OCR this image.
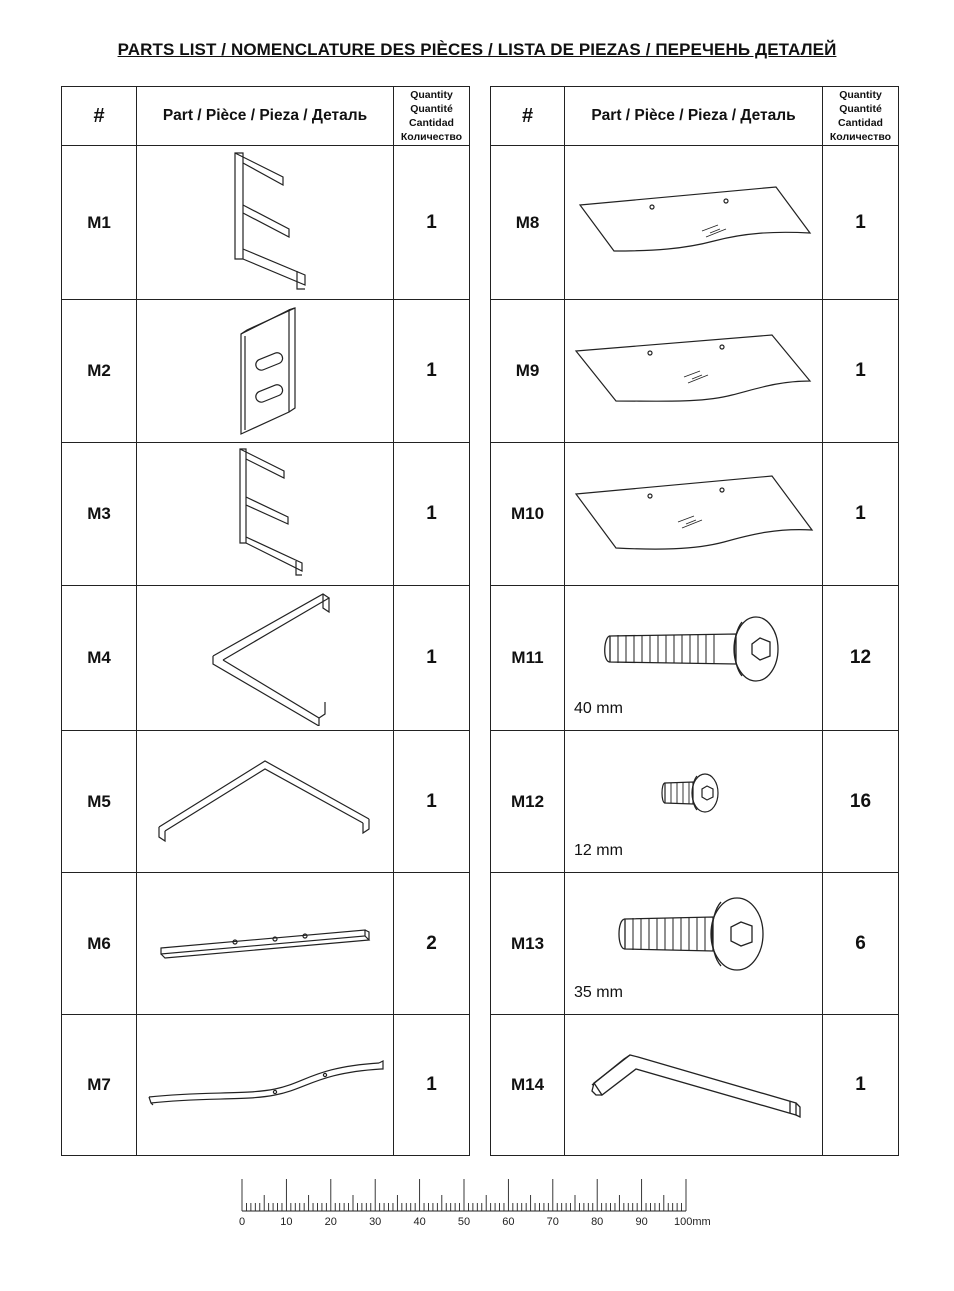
PARTS LIST / NOMENCLATURE DES PIÈCES / LISTA DE PIEZAS / ПЕРЕЧЕНЬ ДЕТАЛЕЙ
#	Part / Pièce / Pieza / Деталь	Quantity
Quantité
Cantidad
Количество

M1		1
M2		1
M3		1
M4		1
M5		1
M6		2
M7		1
#	Part / Pièce / Pieza / Деталь	Quantity
Quantité
Cantidad
Количество

M8		1
M9		1
M10		1
M11	40 mm	12
M12	12 mm	16
M13	35 mm	6
M14		1
0	10	20	30	40	50	60	70	80	90 100mm
